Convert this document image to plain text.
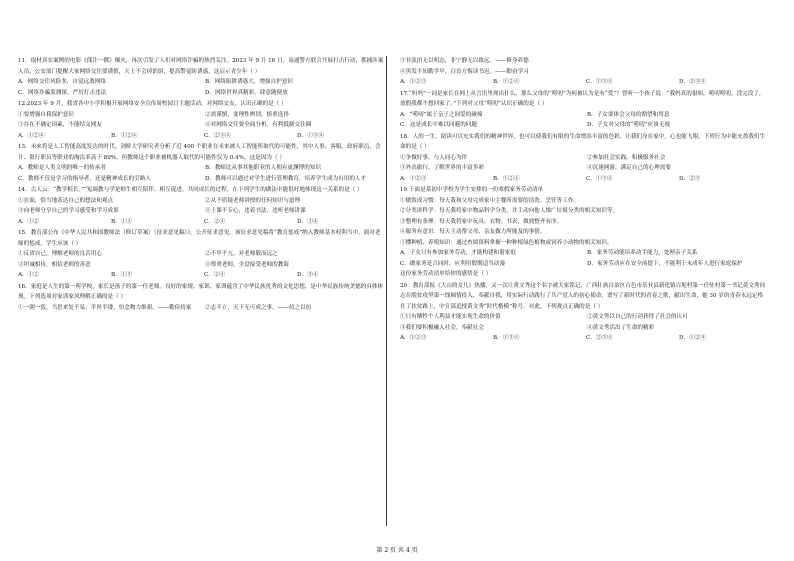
11．取材真实案例的电影《孤注一掷》爆火，再次引发了人们对网络诈骗的热烈关注。2023 年 9 月 16 日，南通警方联合开展打击行动，抓捕涉案人员，公安部门提醒大家网络交往要谨慎，天上不会掉馅饼，提高警觉防诱惑，这启示青少年（ ）
A．网络交往风险多，自觉远离网络	B．网络陷阱诱惑大，增强自护意识
C．网络诈骗监测深，严厉打击违法	D．网络世界真精彩，肆意随便放
12.2023 年 9 月，我省各中小学积极开展网络安全宣传周校园日主题活动。对网络交友，认识正确的是（ ）
①要增强自我保护意识	②需谨慎，要理性辨别，慎重选择
③存在不确定因素，不能结交网友	④对网络交往要全面分析，有利抵制交往圈
A．①②④	B．①②④	C．②③④	D．①③④
13．未来将是人工智能高度发达的时代。剑桥大学研究者分析了近 400 个职业在未来被人工智能所取代的可能性，其中人事、客服、政府职员、会计、银行职员等职业的淘汰率高于 89%，但教师这个职业被机器人取代的可能性仅为 0.4%。这是因为（ ）
A．教师是人类文明的唯一的传承者	B．教师比从事其他职业的人拥有更渊博的知识
C．教师不仅是学习的指导者，还是精神成长的引路人	D．教师可以通过对学生进行管理教育，培养学生成为有用的人才
14．古人云：“教学相长。”“冤调教与学是师生相互陪伴、相互促进、共同成长的过程。在下列学生的做法中能很好地体现这一关系的是（ ）
①在面，恰当地表达自己的想法和观点	②从不质疑老师讲授的任何知识与道理
③向老师分享自己的学习感受和学习成果	④上课不专心，违着书法，违听老师讲课
A．①②	B．①③	C．②④	D．③④
15．教育部公布《中华人民共和国教师法（修订草案）（征求意见稿）》，公开征求意见。该征求意见稿将“教育惩戒”纳入教师基本权利当中。面对老师的惩戒，学生应该（ ）
①反省自己，理解老师的良苦用心	②不甲不亢，对老师敬而远之
③坦诚相待，相信老师的善意	④尊重老师，全盘接受老师的教诲
A．①②	B．①③	C．②④	D．③④
16．家庭是人生的第一所学校，家长是孩子的第一任老师。良好的家规、家训、家训蕴含了中华民族优秀的文化思想，是中华民族传统美德的具体体现。下列选项对家训家风理解正确的是（ ）
①一粥一饭，当思来处不易；半丝半缕，恒念物力维艰。——勤俭持家	②志不立，天下无可成之事。——持之以恒
③非淡泊无以明志，非宁静无以致远。——修身养德
④黑发不知勤学早，白首方悔读书迟。——勤奋学习
A．①②③	B．①②④	C．①③④	D．②③④
17.“妈妈”一词是家长在网上从言语里现出什么，那么父母的“唠叨”为何被认为是有“爱”？曾听一个孩子说：“我妈真的很烦，唠叨唠叨，没完没了，放假我都不想回家了。”下列对父母“唠叨”认识正确的是（ ）
A．“唠叨”属于亲子之间爱的碰撞	B．子女要体会父母的期望和用意
C．这是成长中难以回避的问题	D．子女对父母的“唠叨”应该无视
18．人的一生，阅读可以充实我们的精神世界，也可以使我们有限的生命增添丰富的色彩，让我们身在家中，心也能飞翔。下列行为中能充盈我们生命的是（ ）
①争做好事，与人同心为伴	②参加社会实践，积极服务社会
③外出旅行，了解世界的丰富多彩	④沉迷网游，满足自己的心理需要
A．①②③	B．①②④	C．①③④	D．②③
19.下面是某初中学校为学生安排的一份寒假家务劳动清单
①做饭成习惯：每天我和父母完成家中主餐所需要的清洗、烹饪等工作。
②分类讲科学：每天我将家中物品科学分类，并主动向他人推广垃圾分类的相关知识等。
③整理有条理：每天我将家中玩具、衣物、书表，做到整齐有序。
④服务有意识：每天主动帮父母、亲友做力所能及的事情。
⑤懂种植、养殖知识：通过查阅资料掌握一种种植绿色植物或饲养小动物的相关知识。
A．子女只有参加家务劳动，才能构建和谐家庭	B．家务劳动能培养动手能力，处理亲子关系
C．做家务是合同时，应利用假期适当动漫	D．家务劳动应在安全前提下，不能利于未成年人进行家庭保护
这份家务劳动清单给你的感悟是（ ）
20．教育部报《大山的女儿》热播，又一次让黄文秀这个名字被大家铭记，广西壮族自治区百色市乐业县新化镇百坭村第一任驻村第一书记黄文秀同志在脱贫攻坚第一线倾情投入、奉献自我，用实际行动践行了共产党人的初心使命，谱写了新时代的青春之歌，献出生命，她 30 岁的青春永远定格在了扶贫路上，中宣部追授黄文秀“时代楷模”称号。对此，下列观点正确的是（ ）
①只有牺牲个人利益才能实现生命的价值	②黄文秀以自己的行动获得了社会的认可
③我们要积极融入社会，奉献社会	④黄文秀活出了生命的精彩
A．①②③	B．①③④	C．②③④	D．①②④
第 2 页 共 4 页
